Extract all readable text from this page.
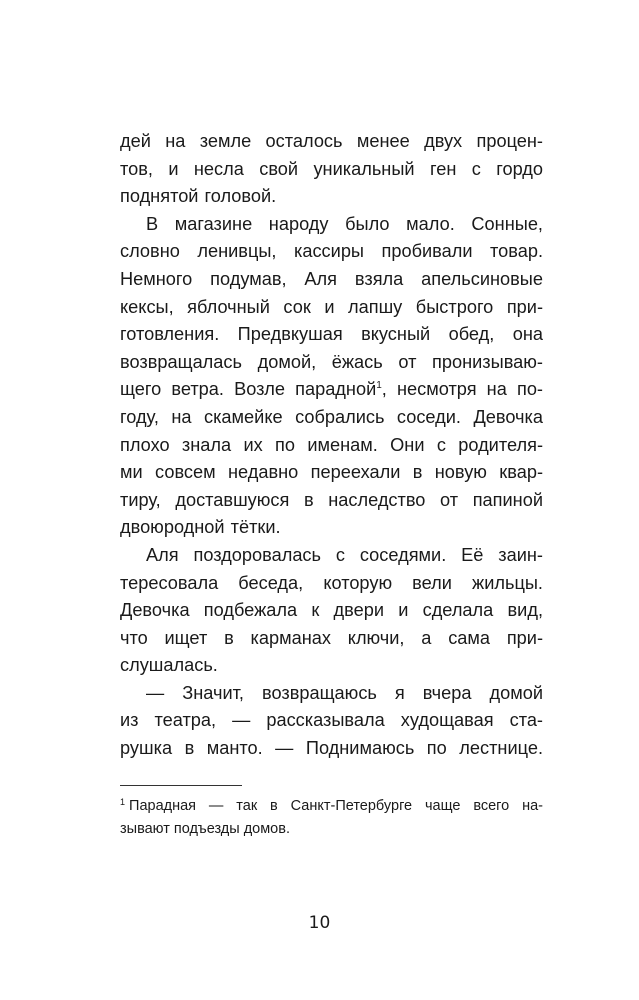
дей на земле осталось менее двух процен-
тов, и несла свой уникальный ген с гордо
поднятой головой.
В магазине народу было мало. Сонные,
словно ленивцы, кассиры пробивали товар.
Немного подумав, Аля взяла апельсиновые
кексы, яблочный сок и лапшу быстрого при-
готовления. Предвкушая вкусный обед, она
возвращалась домой, ёжась от пронизываю-
щего ветра. Возле парадной$^1$, несмотря на по-
году, на скамейке собрались соседи. Девочка
плохо знала их по именам. Они с родителя-
ми совсем недавно переехали в новую квар-
тиру, доставшуюся в наследство от папиной
двоюродной тётки.
Аля поздоровалась с соседями. Её заин-
тересовала беседа, которую вели жильцы.
Девочка подбежала к двери и сделала вид,
что ищет в карманах ключи, а сама при-
слушалась.
— Значит, возвращаюсь я вчера домой
из театра, — рассказывала худощавая ста-
рушка в манто. — Поднимаюсь по лестнице.
$^1$ Парадная — так в Санкт-Петербурге чаще всего на-
зывают подъезды домов.
10
